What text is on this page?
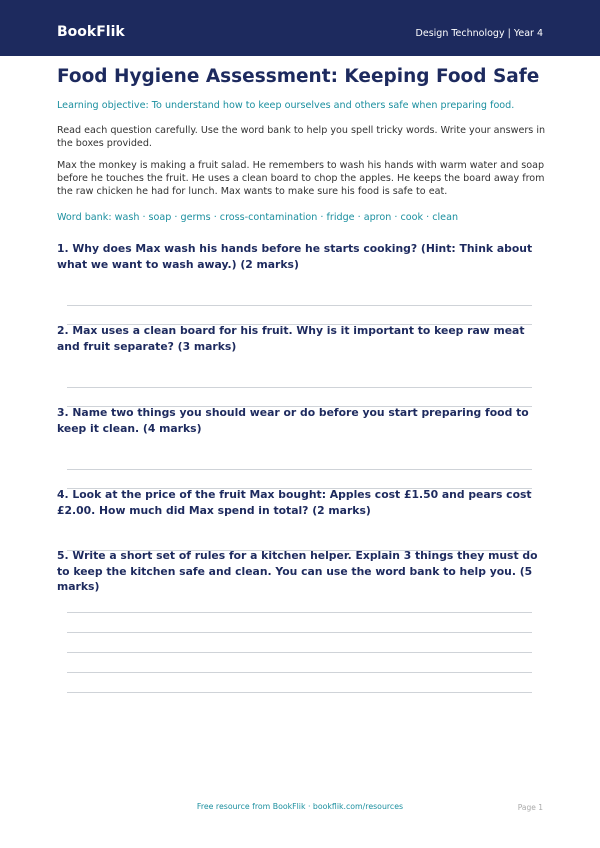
BookFlik	Design Technology | Year 4
Food Hygiene Assessment: Keeping Food Safe

Learning objective: To understand how to keep ourselves and others safe when preparing food.

Read each question carefully. Use the word bank to help you spell tricky words. Write your answers in the boxes provided.

Max the monkey is making a fruit salad. He remembers to wash his hands with warm water and soap before he touches the fruit. He uses a clean board to chop the apples. He keeps the board away from the raw chicken he had for lunch. Max wants to make sure his food is safe to eat.

Word bank: wash · soap · germs · cross-contamination · fridge · apron · cook · clean

1. Why does Max wash his hands before he starts cooking? (Hint: Think about what we want to wash away.) (2 marks)

2. Max uses a clean board for his fruit. Why is it important to keep raw meat and fruit separate? (3 marks)

3. Name two things you should wear or do before you start preparing food to keep it clean. (4 marks)

4. Look at the price of the fruit Max bought: Apples cost £1.50 and pears cost £2.00. How much did Max spend in total? (2 marks)

5. Write a short set of rules for a kitchen helper. Explain 3 things they must do to keep the kitchen safe and clean. You can use the word bank to help you. (5 marks)

Free resource from BookFlik · bookflik.com/resources	Page 1
